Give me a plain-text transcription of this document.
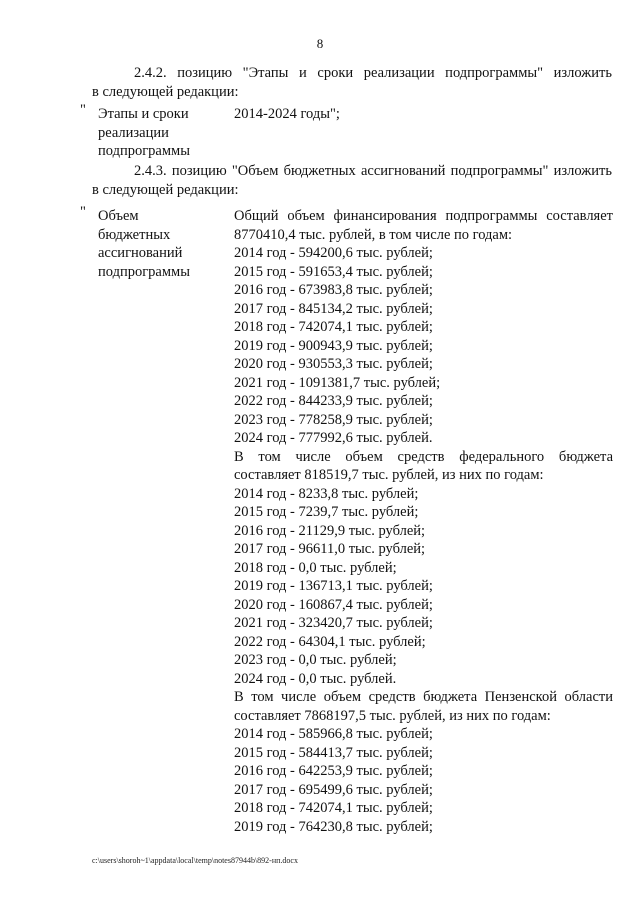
8
2.4.2. позицию "Этапы и сроки реализации подпрограммы" изложить
в следующей редакции:
" Этапы и сроки
реализации
подпрограммы
2014-2024 годы";
2.4.3. позицию "Объем бюджетных ассигнований подпрограммы" изложить
в следующей редакции:
" Объем
бюджетных
ассигнований
подпрограммы
Общий объем финансирования подпрограммы составляет
8770410,4 тыс. рублей, в том числе по годам:
2014 год - 594200,6 тыс. рублей;
2015 год - 591653,4 тыс. рублей;
2016 год - 673983,8 тыс. рублей;
2017 год - 845134,2 тыс. рублей;
2018 год - 742074,1 тыс. рублей;
2019 год - 900943,9 тыс. рублей;
2020 год - 930553,3 тыс. рублей;
2021 год - 1091381,7 тыс. рублей;
2022 год - 844233,9 тыс. рублей;
2023 год - 778258,9 тыс. рублей;
2024 год - 777992,6 тыс. рублей.
В том числе объем средств федерального бюджета
составляет 818519,7 тыс. рублей, из них по годам:
2014 год - 8233,8 тыс. рублей;
2015 год - 7239,7 тыс. рублей;
2016 год - 21129,9 тыс. рублей;
2017 год - 96611,0 тыс. рублей;
2018 год - 0,0 тыс. рублей;
2019 год - 136713,1 тыс. рублей;
2020 год - 160867,4 тыс. рублей;
2021 год - 323420,7 тыс. рублей;
2022 год - 64304,1 тыс. рублей;
2023 год - 0,0 тыс. рублей;
2024 год - 0,0 тыс. рублей.
В том числе объем средств бюджета Пензенской области
составляет 7868197,5 тыс. рублей, из них по годам:
2014 год - 585966,8 тыс. рублей;
2015 год - 584413,7 тыс. рублей;
2016 год - 642253,9 тыс. рублей;
2017 год - 695499,6 тыс. рублей;
2018 год - 742074,1 тыс. рублей;
2019 год - 764230,8 тыс. рублей;
c:\users\shoroh~1\appdata\local\temp\notes87944b\892-нп.docx
